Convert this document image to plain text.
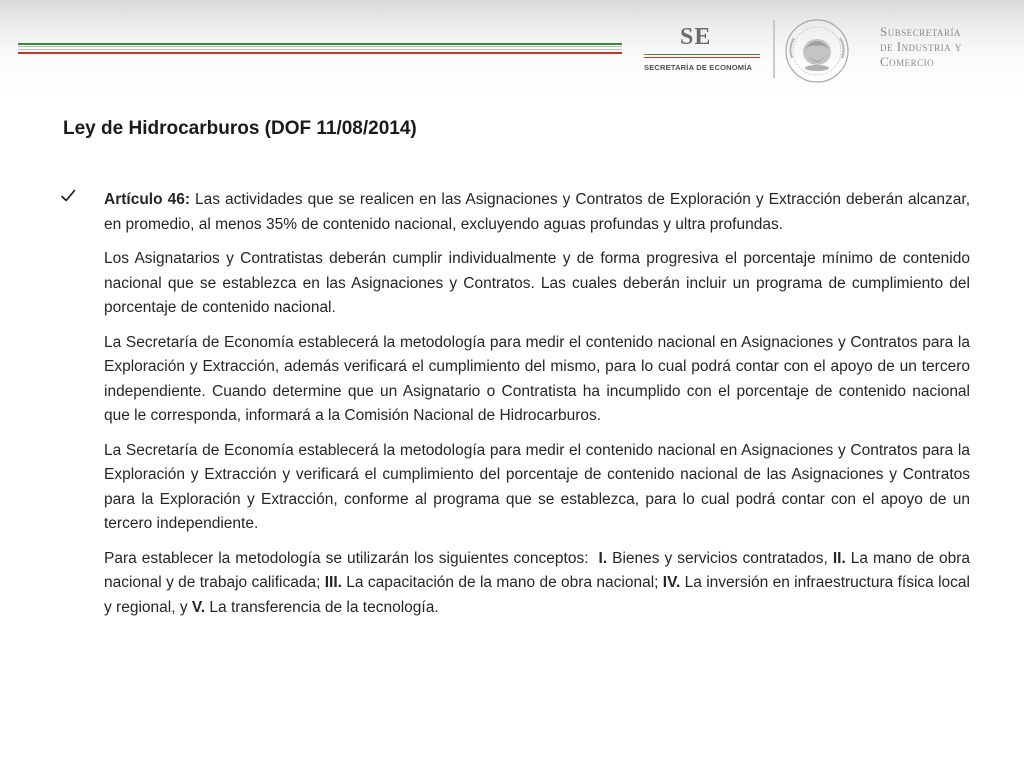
SE
SECRETARÍA DE ECONOMÍA
Subsecretaría
de Industria y
Comercio
Ley de Hidrocarburos (DOF 11/08/2014)

Artículo 46: Las actividades que se realicen en las Asignaciones y Contratos de Exploración y Extracción deberán alcanzar, en promedio, al menos 35% de contenido nacional, excluyendo aguas profundas y ultra profundas.

Los Asignatarios y Contratistas deberán cumplir individualmente y de forma progresiva el porcentaje mínimo de contenido nacional que se establezca en las Asignaciones y Contratos. Las cuales deberán incluir un programa de cumplimiento del porcentaje de contenido nacional.

La Secretaría de Economía establecerá la metodología para medir el contenido nacional en Asignaciones y Contratos para la Exploración y Extracción, además verificará el cumplimiento del mismo, para lo cual podrá contar con el apoyo de un tercero independiente. Cuando determine que un Asignatario o Contratista ha incumplido con el porcentaje de contenido nacional que le corresponda, informará a la Comisión Nacional de Hidrocarburos.

La Secretaría de Economía establecerá la metodología para medir el contenido nacional en Asignaciones y Contratos para la Exploración y Extracción y verificará el cumplimiento del porcentaje de contenido nacional de las Asignaciones y Contratos para la Exploración y Extracción, conforme al programa que se establezca, para lo cual podrá contar con el apoyo de un tercero independiente.

Para establecer la metodología se utilizarán los siguientes conceptos:  I. Bienes y servicios contratados, II. La mano de obra nacional y de trabajo calificada; III. La capacitación de la mano de obra nacional; IV. La inversión en infraestructura física local y regional, y V. La transferencia de la tecnología.
